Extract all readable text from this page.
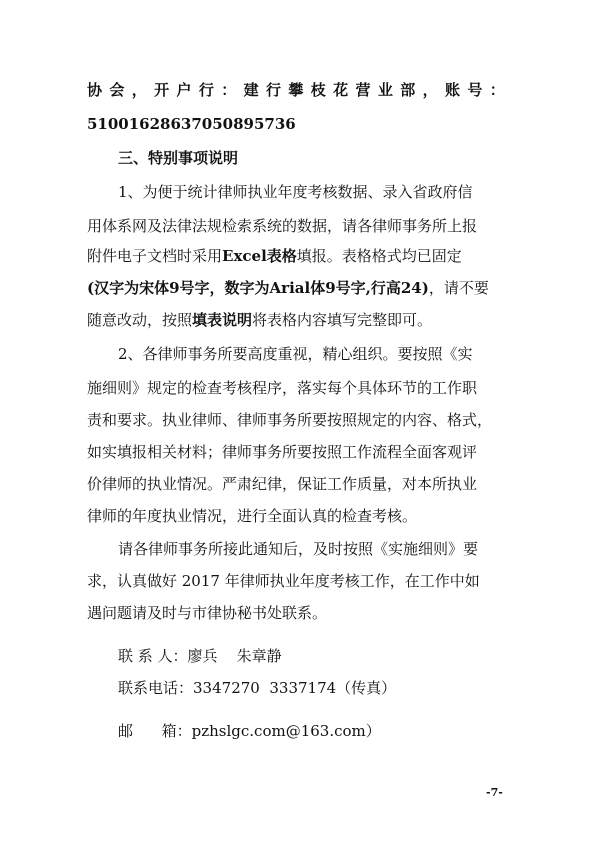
协 会 ， 开 户 行 ： 建 行 攀 枝 花 营 业 部 ， 账 号 ：
51001628637050895736
三、特别事项说明
1、为便于统计律师执业年度考核数据、录入省政府信
用体系网及法律法规检索系统的数据，请各律师事务所上报
附件电子文档时采用Excel表格填报。表格格式均已固定
(汉字为宋体9号字，数字为Arial体9号字,行高24)，请不要
随意改动，按照填表说明将表格内容填写完整即可。
2、各律师事务所要高度重视，精心组织。要按照《实
施细则》规定的检查考核程序，落实每个具体环节的工作职
责和要求。执业律师、律师事务所要按照规定的内容、格式，
如实填报相关材料；律师事务所要按照工作流程全面客观评
价律师的执业情况。严肃纪律，保证工作质量，对本所执业
律师的年度执业情况，进行全面认真的检查考核。
请各律师事务所接此通知后，及时按照《实施细则》要
求，认真做好 2017 年律师执业年度考核工作，在工作中如
遇问题请及时与市律协秘书处联系。
联 系 人：廖兵    朱章静
联系电话：3347270  3337174（传真）
邮      箱：pzhslgc.com@163.com）
-7-
